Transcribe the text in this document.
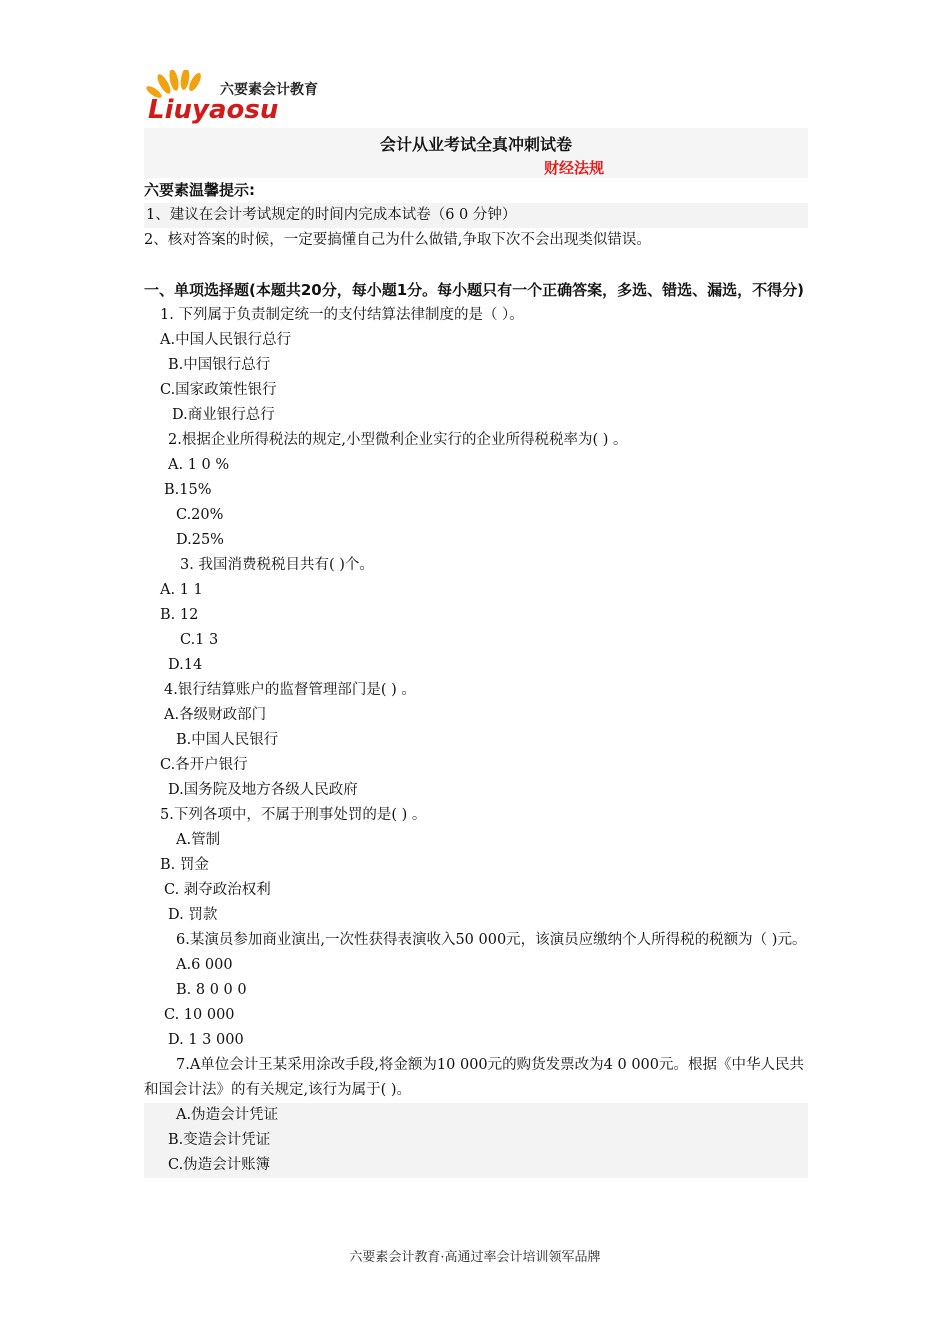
六要素会计教育
Liuyaosu
会计从业考试全真冲刺试卷
财经法规
六要素温馨提示:
1、建议在会计考试规定的时间内完成本试卷（6 0 分钟）
2、核对答案的时候，一定要搞懂自己为什么做错,争取下次不会出现类似错误。
一、单项选择题(本题共20分，每小题1分。每小题只有一个正确答案，多选、错选、漏选，不得分)
1. 下列属于负责制定统一的支付结算法律制度的是（ ）。
A.中国人民银行总行
B.中国银行总行
C.国家政策性银行
D.商业银行总行
2.根据企业所得税法的规定,小型微利企业实行的企业所得税税率为( ) 。
A. 1 0 %
B.15%
C.20%
D.25%
3. 我国消费税税目共有( )个。
A. 1 1
B. 12
C.1 3
D.14
4.银行结算账户的监督管理部门是( ) 。
A.各级财政部门
B.中国人民银行
C.各开户银行
D.国务院及地方各级人民政府
5.下列各项中，不属于刑事处罚的是( ) 。
A.管制
B. 罚金
C. 剥夺政治权利
D. 罚款
6.某演员参加商业演出,一次性获得表演收入50 000元，该演员应缴纳个人所得税的税额为（ )元。
A.6 000
B. 8 0 0 0
C. 10 000
D. 1 3 000
7.A单位会计王某采用涂改手段,将金额为10 000元的购货发票改为4 0 000元。根据《中华人民共和国会计法》的有关规定,该行为属于( )。
A.伪造会计凭证
B.变造会计凭证
C.伪造会计账簿
六要素会计教育·高通过率会计培训领军品牌
